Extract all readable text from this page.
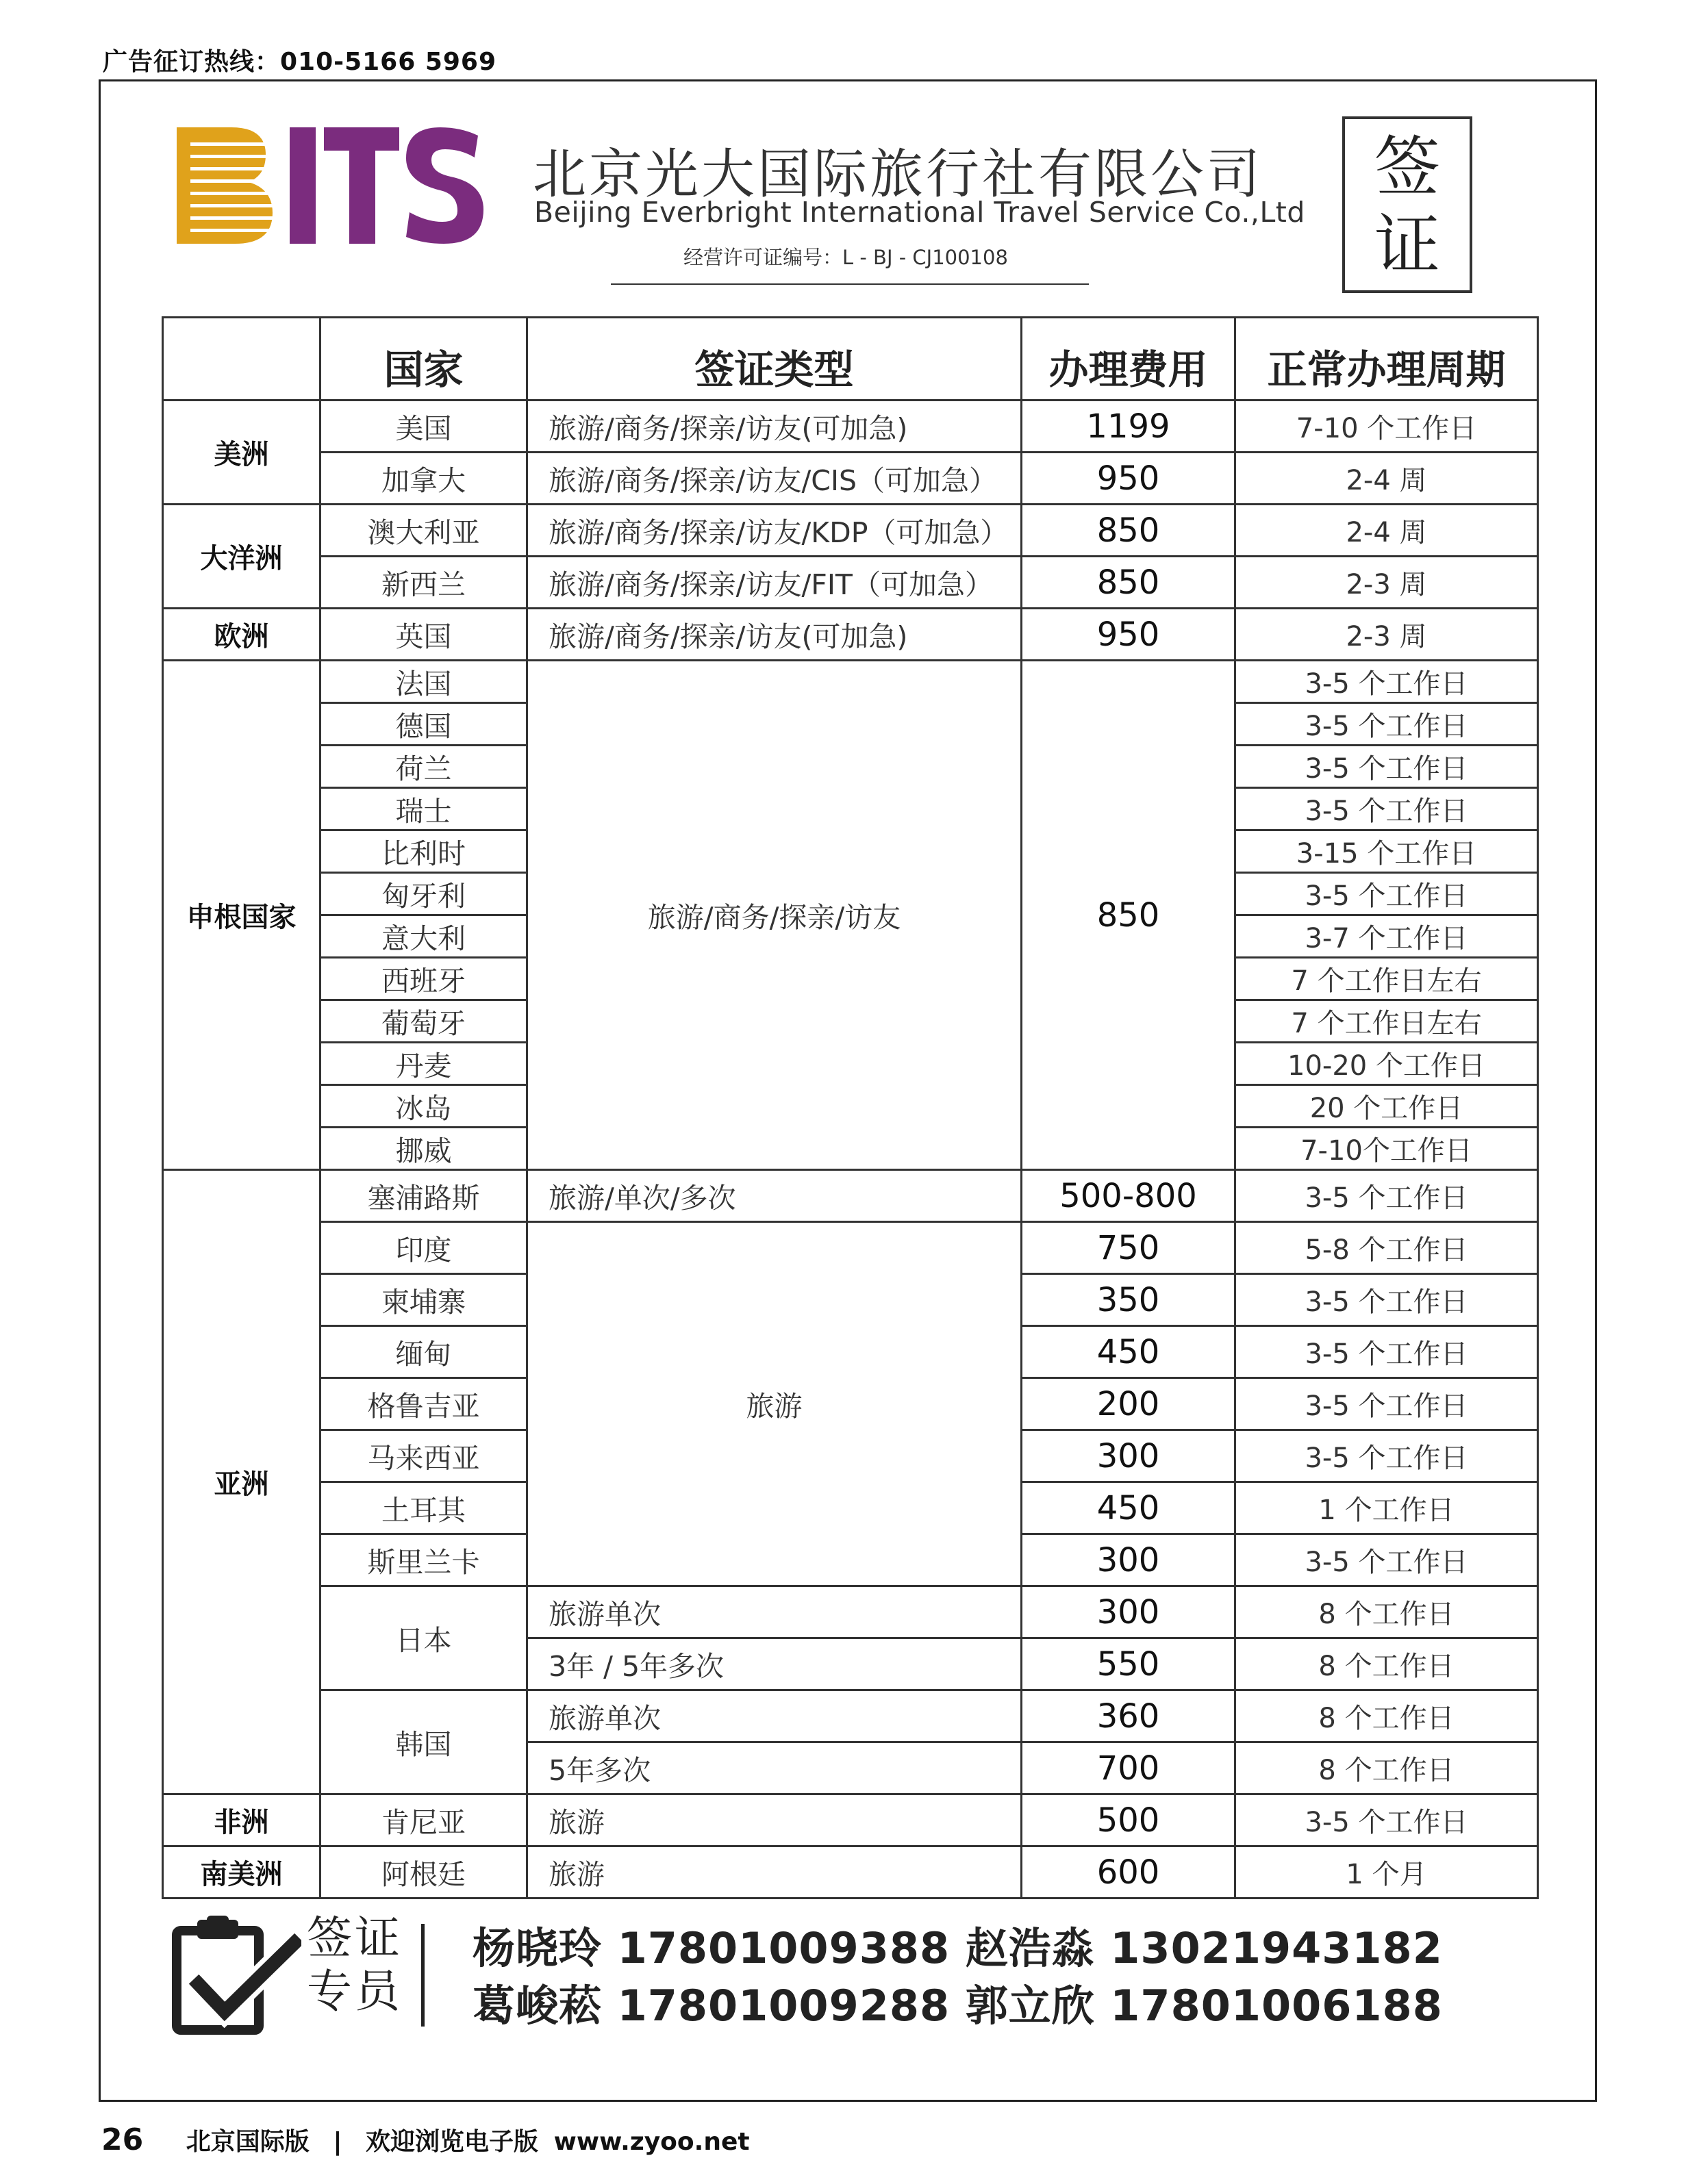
广告征订热线：010-5166 5969
北京光大国际旅行社有限公司
Beijing Everbright International Travel Service Co.,Ltd
经营许可证编号：L - BJ - CJ100108
签
证
	国家	签证类型	办理费用	正常办理周期
美洲	美国	旅游/商务/探亲/访友(可加急)	1199	7-10 个工作日
	加拿大	旅游/商务/探亲/访友/CIS（可加急）	950	2-4 周
大洋洲	澳大利亚	旅游/商务/探亲/访友/KDP（可加急）	850	2-4 周
	新西兰	旅游/商务/探亲/访友/FIT（可加急）	850	2-3 周
欧洲	英国	旅游/商务/探亲/访友(可加急)	950	2-3 周
申根国家	法国	旅游/商务/探亲/访友	850	3-5 个工作日
	德国			3-5 个工作日
	荷兰			3-5 个工作日
	瑞士			3-5 个工作日
	比利时			3-15 个工作日
	匈牙利			3-5 个工作日
	意大利			3-7 个工作日
	西班牙			7 个工作日左右
	葡萄牙			7 个工作日左右
	丹麦			10-20 个工作日
	冰岛			20 个工作日
	挪威			7-10个工作日
亚洲	塞浦路斯	旅游/单次/多次	500-800	3-5 个工作日
	印度	旅游	750	5-8 个工作日
	柬埔寨		350	3-5 个工作日
	缅甸		450	3-5 个工作日
	格鲁吉亚		200	3-5 个工作日
	马来西亚		300	3-5 个工作日
	土耳其		450	1 个工作日
	斯里兰卡		300	3-5 个工作日
	日本	旅游单次	300	8 个工作日
		3年 / 5年多次	550	8 个工作日
	韩国	旅游单次	360	8 个工作日
		5年多次	700	8 个工作日
非洲	肯尼亚	旅游	500	3-5 个工作日
南美洲	阿根廷	旅游	600	1 个月
签证
专员
杨晓玲 17801009388 赵浩淼 13021943182
葛峻菘 17801009288 郭立欣 17801006188
26 北京国际版 | 欢迎浏览电子版 www.zyoo.net
